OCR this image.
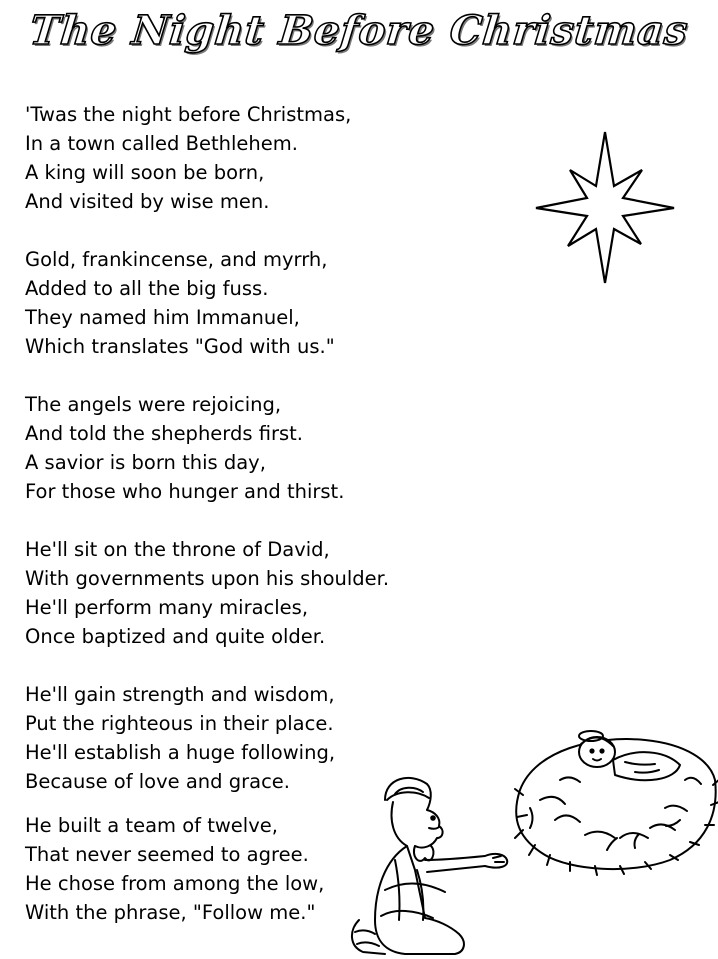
The Night Before Christmas
'Twas the night before Christmas,
In a town called Bethlehem.
A king will soon be born,
And visited by wise men.
Gold, frankincense, and myrrh,
Added to all the big fuss.
They named him Immanuel,
Which translates "God with us."
The angels were rejoicing,
And told the shepherds first.
A savior is born this day,
For those who hunger and thirst.
He'll sit on the throne of David,
With governments upon his shoulder.
He'll perform many miracles,
Once baptized and quite older.
He'll gain strength and wisdom,
Put the righteous in their place.
He'll establish a huge following,
Because of love and grace.
He built a team of twelve,
That never seemed to agree.
He chose from among the low,
With the phrase, "Follow me."
